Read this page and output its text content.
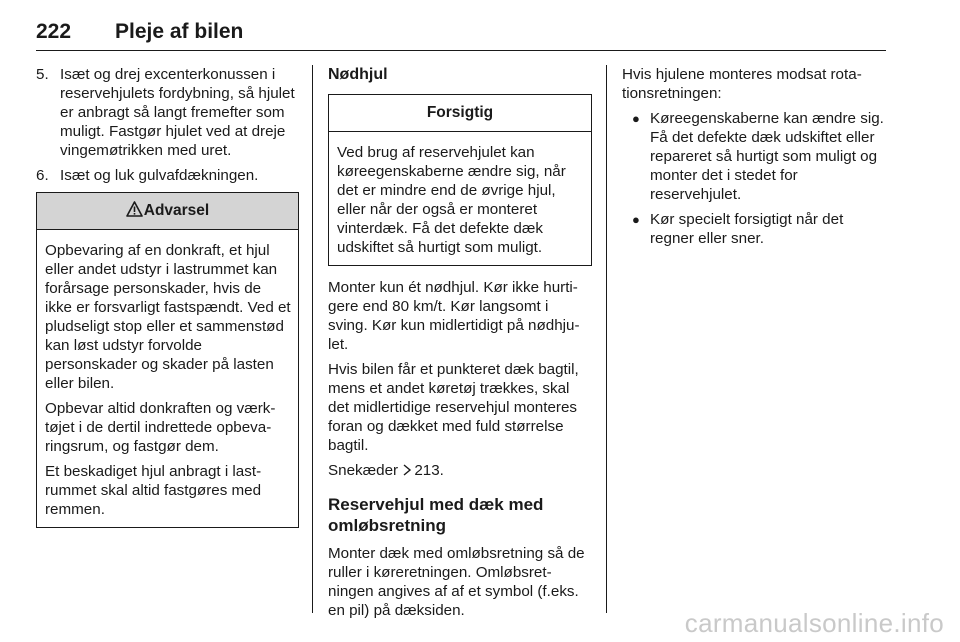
222 Pleje af bilen
5. Isæt og drej excenterkonussen i reservehjulets fordybning, så hjulet er anbragt så langt fremefter som muligt. Fastgør hjulet ved at dreje vingemøtrikken med uret.
6. Isæt og luk gulvafdækningen.
Advarsel

Opbevaring af en donkraft, et hjul eller andet udstyr i lastrummet kan forårsage personskader, hvis de ikke er forsvarligt fastspændt. Ved et pludseligt stop eller et sammenstød kan løst udstyr forvolde personskader og skader på lasten eller bilen.

Opbevar altid donkraften og værktøjet i de dertil indrettede opbevaringsrum, og fastgør dem.

Et beskadiget hjul anbragt i lastrummet skal altid fastgøres med remmen.

Nødhjul
Forsigtig

Ved brug af reservehjulet kan køreegenskaberne ændre sig, når det er mindre end de øvrige hjul, eller når der også er monteret vinterdæk. Få det defekte dæk udskiftet så hurtigt som muligt.

Monter kun ét nødhjul. Kør ikke hurtigere end 80 km/t. Kør langsomt i sving. Kør kun midlertidigt på nødhjulet.

Hvis bilen får et punkteret dæk bagtil, mens et andet køretøj trækkes, skal det midlertidige reservehjul monteres foran og dækket med fuld størrelse bagtil.

Snekæder 213.

Reservehjul med dæk med omløbsretning

Monter dæk med omløbsretning så de ruller i køreretningen. Omløbsretningen angives af af et symbol (f.eks. en pil) på dæksiden.

Hvis hjulene monteres modsat rotationsretningen:

● Køreegenskaberne kan ændre sig. Få det defekte dæk udskiftet eller repareret så hurtigt som muligt og monter det i stedet for reservehjulet.
● Kør specielt forsigtigt når det regner eller sner.
carmanualsonline.info
